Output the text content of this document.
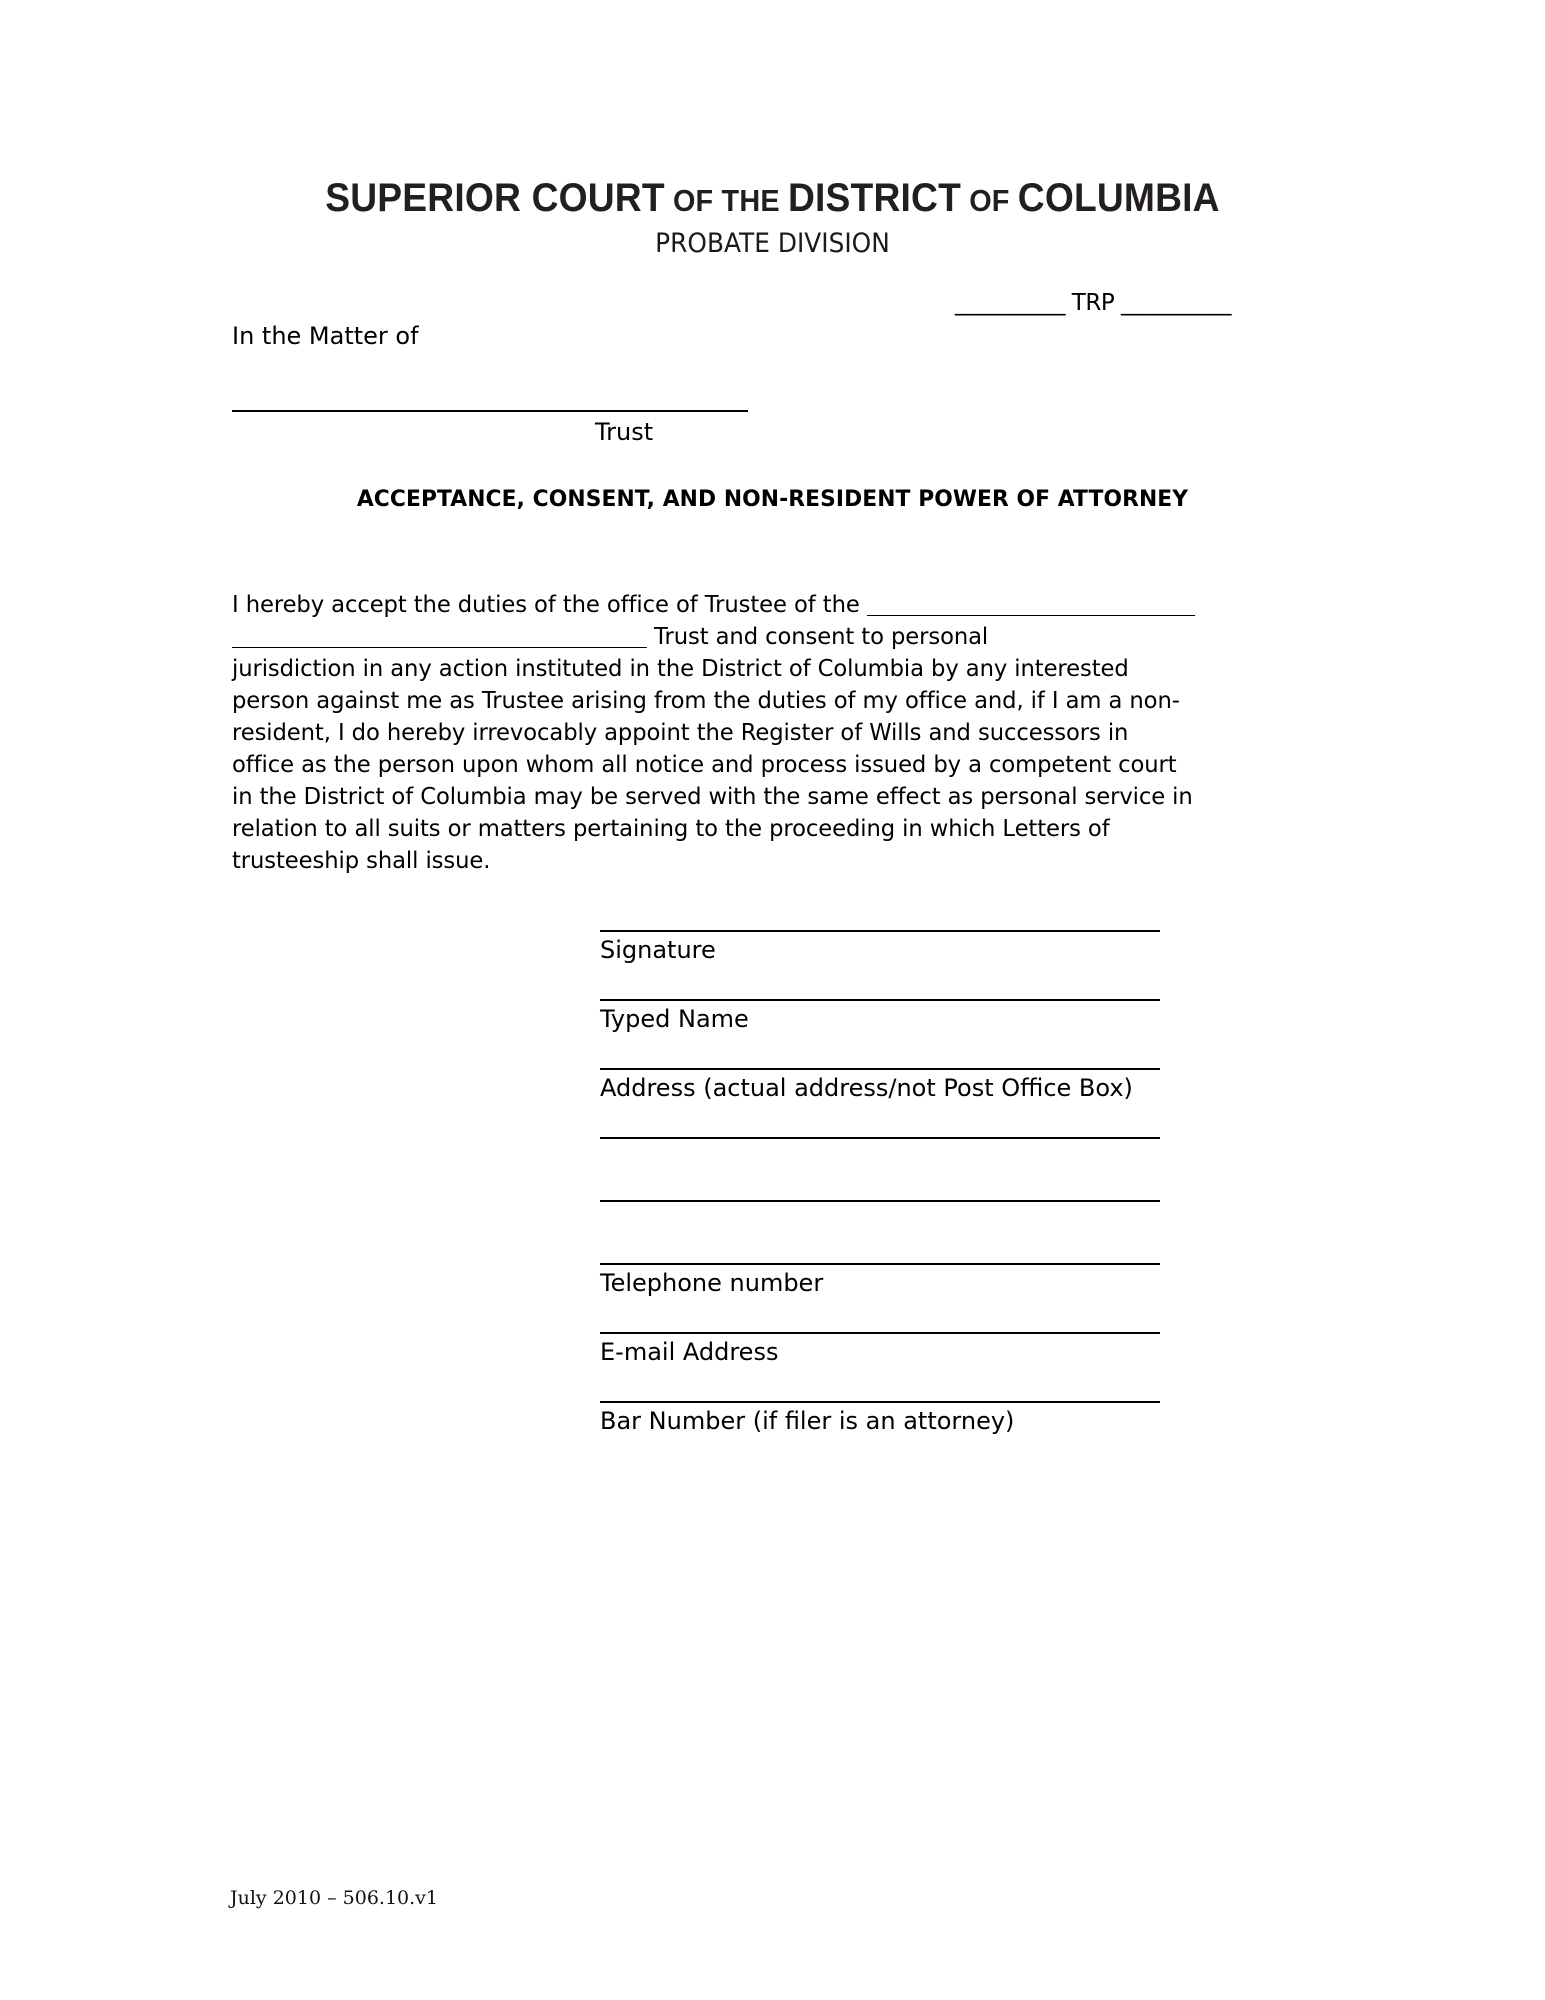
SUPERIOR COURT OF THE DISTRICT OF COLUMBIA
PROBATE DIVISION
__________ TRP __________
In the Matter of
Trust
ACCEPTANCE, CONSENT, AND NON-RESIDENT POWER OF ATTORNEY
I hereby accept the duties of the office of Trustee of the
Trust and consent to personal
jurisdiction in any action instituted in the District of Columbia by any interested
person against me as Trustee arising from the duties of my office and, if I am a non-
resident, I do hereby irrevocably appoint the Register of Wills and successors in
office as the person upon whom all notice and process issued by a competent court
in the District of Columbia may be served with the same effect as personal service in
relation to all suits or matters pertaining to the proceeding in which Letters of
trusteeship shall issue.
Signature
Typed Name
Address (actual address/not Post Office Box)
Telephone number
E-mail Address
Bar Number (if filer is an attorney)
July 2010 – 506.10.v1
